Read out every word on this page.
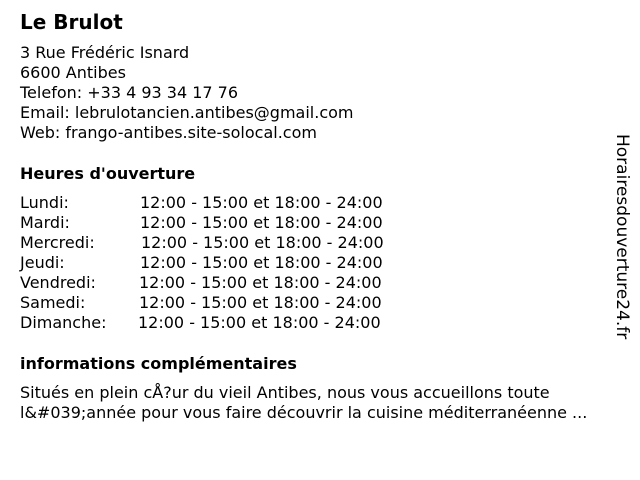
Le Brulot
3 Rue Frédéric Isnard
6600 Antibes
Telefon: +33 4 93 34 17 76
Email: lebrulotancien.antibes@gmail.com
Web: frango-antibes.site-solocal.com
Heures d'ouverture
Lundi:	12:00 - 15:00 et 18:00 - 24:00
Mardi:	12:00 - 15:00 et 18:00 - 24:00
Mercredi:	12:00 - 15:00 et 18:00 - 24:00
Jeudi:	12:00 - 15:00 et 18:00 - 24:00
Vendredi:	12:00 - 15:00 et 18:00 - 24:00
Samedi:	12:00 - 15:00 et 18:00 - 24:00
Dimanche: 12:00 - 15:00 et 18:00 - 24:00
informations complémentaires
Situés en plein cÅ?ur du vieil Antibes, nous vous accueillons toute l&#039;année pour vous faire découvrir la cuisine méditerranéenne ...
Horairesdouverture24.fr
